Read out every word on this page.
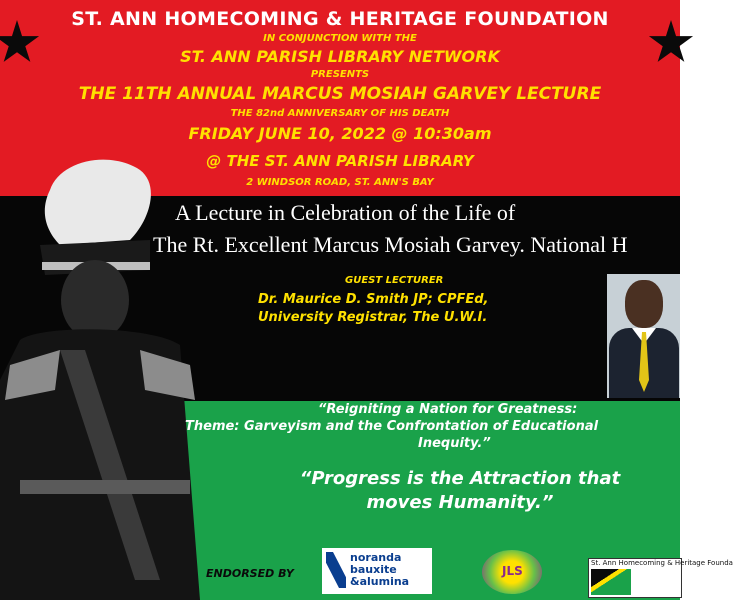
ST. ANN HOMECOMING & HERITAGE FOUNDATION
IN CONJUNCTION WITH THE
ST. ANN PARISH LIBRARY NETWORK
PRESENTS
THE 11TH ANNUAL MARCUS MOSIAH GARVEY LECTURE
THE 82nd ANNIVERSARY OF HIS DEATH
FRIDAY JUNE 10, 2022 @ 10:30am
@ THE ST. ANN PARISH LIBRARY
2 WINDSOR ROAD, ST. ANN'S BAY
A Lecture in Celebration of the Life of
The Rt. Excellent Marcus Mosiah Garvey. National H
GUEST LECTURER
Dr. Maurice D. Smith JP; CPFEd,
University Registrar, The U.W.I.
“Reigniting a Nation for Greatness:
Theme: Garveyism and the Confrontation of Educational
Inequity.”
“Progress is the Attraction that
moves Humanity.”
ENDORSED BY
noranda
bauxite
&alumina
JLS
St. Ann Homecoming & Heritage Founda
